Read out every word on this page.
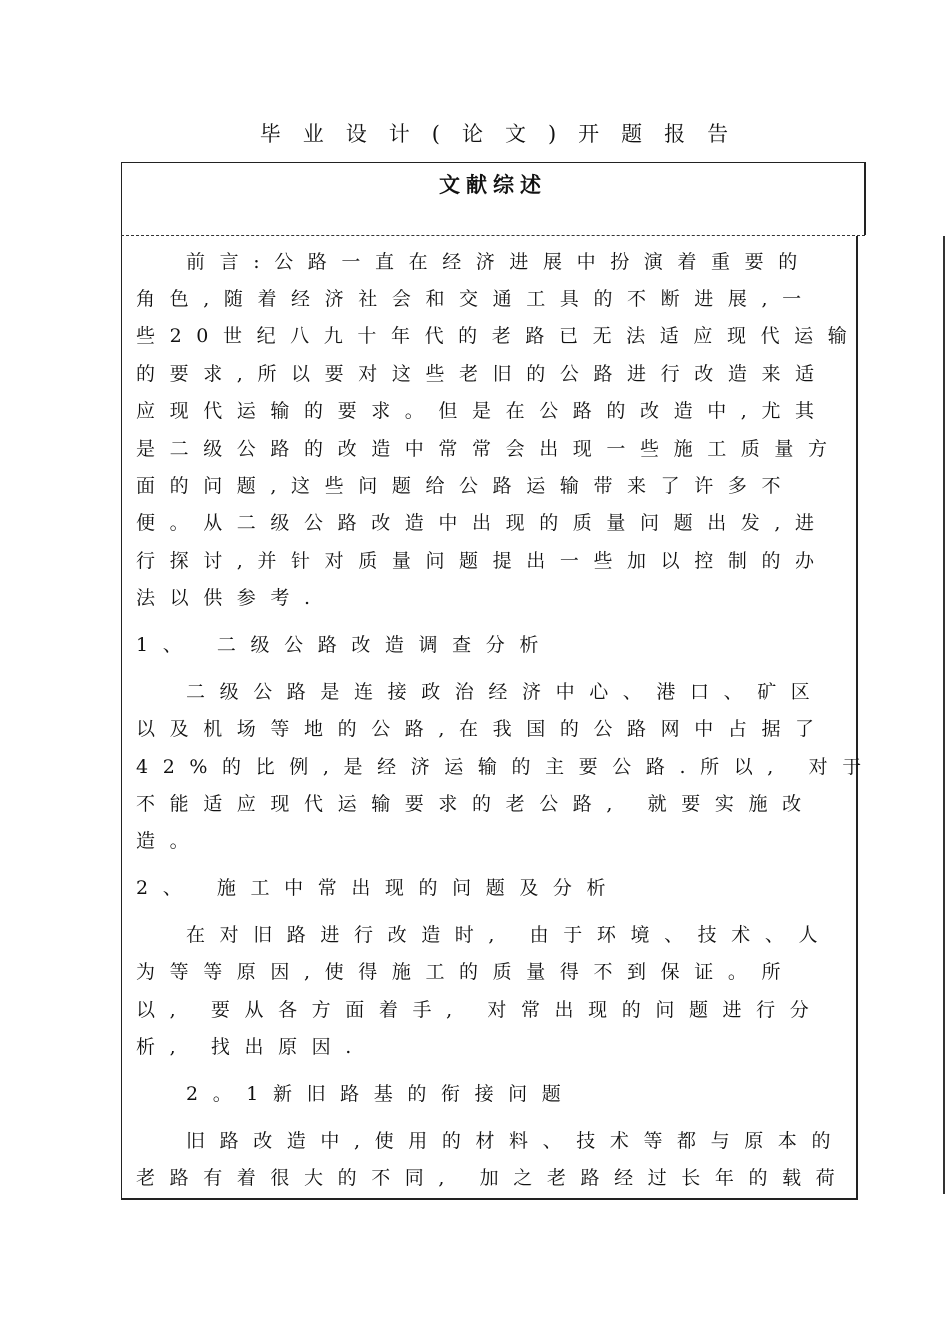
毕业设计(论文)开题报告
文献综述
前言:公路一直在经济进展中扮演着重要的
角色,随着经济社会和交通工具的不断进展,一
些20世纪八九十年代的老路已无法适应现代运输
的要求,所以要对这些老旧的公路进行改造来适
应现代运输的要求。但是在公路的改造中,尤其
是二级公路的改造中常常会出现一些施工质量方
面的问题,这些问题给公路运输带来了许多不
便。从二级公路改造中出现的质量问题出发,进
行探讨,并针对质量问题提出一些加以控制的办
法以供参考.
1、 二级公路改造调查分析
二级公路是连接政治经济中心、港口、矿区
以及机场等地的公路,在我国的公路网中占据了
42%的比例,是经济运输的主要公路.所以, 对于
不能适应现代运输要求的老公路, 就要实施改
造。
2、 施工中常出现的问题及分析
在对旧路进行改造时, 由于环境、技术、人
为等等原因,使得施工的质量得不到保证。所
以, 要从各方面着手, 对常出现的问题进行分
析, 找出原因.
2。1新旧路基的衔接问题
旧路改造中,使用的材料、技术等都与原本的
老路有着很大的不同, 加之老路经过长年的载荷
